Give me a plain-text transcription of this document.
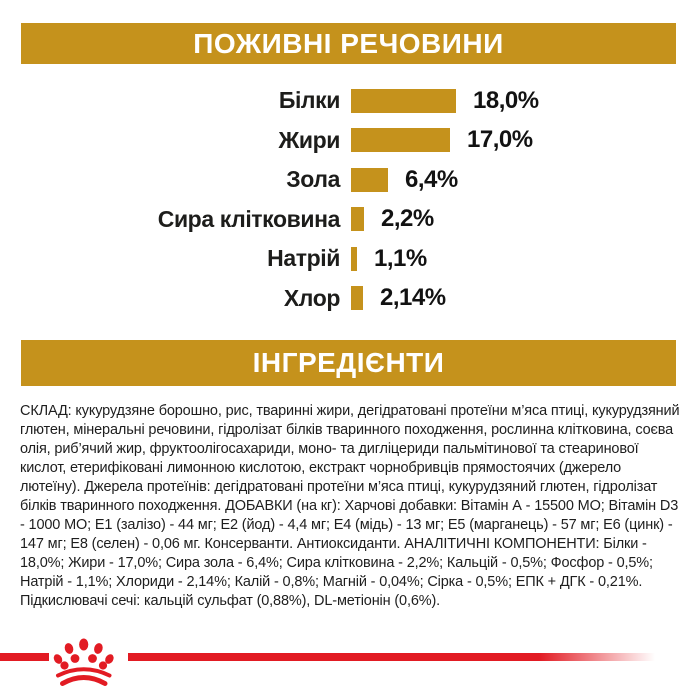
ПОЖИВНІ РЕЧОВИНИ
Білки	18,0%
Жири	17,0%
Зола	6,4%
Сира клітковина 2,2%
Натрій 1,1%
Хлор 2,14%
ІНГРЕДІЄНТИ
СКЛАД: кукурудзяне борошно, рис, тваринні жири, дегідратовані протеїни м’яса птиці, кукурудзяний глютен, мінеральні речовини, гідролізат білків тваринного походження, рослинна клітковина, соєва олія, риб’ячий жир, фруктоолігосахариди, моно- та дигліцериди пальмітинової та стеаринової кислот, етерифіковані лимонною кислотою, екстракт чорнобривців прямостоячих (джерело лютеїну). Джерела протеїнів: дегідратовані протеїни м’яса птиці, кукурудзяний глютен, гідролізат білків тваринного походження. ДОБАВКИ (на кг): Харчові добавки: Вітамін А - 15500 МО; Вітамін D3 - 1000 МО; Е1 (залізо) - 44 мг; Е2 (йод) - 4,4 мг; Е4 (мідь) - 13 мг; Е5 (марганець) - 57 мг; Е6 (цинк) - 147 мг; Е8 (селен) - 0,06 мг. Консерванти. Антиоксиданти. АНАЛІТИЧНІ КОМПОНЕНТИ: Білки - 18,0%; Жири - 17,0%; Сира зола - 6,4%; Сира клітковина - 2,2%; Кальцій - 0,5%; Фосфор - 0,5%; Натрій - 1,1%; Хлориди - 2,14%; Калій - 0,8%; Магній - 0,04%; Сірка - 0,5%; ЕПК + ДГК - 0,21%. Підкислювачі сечі: кальцій сульфат (0,88%), DL-метіонін (0,6%).
